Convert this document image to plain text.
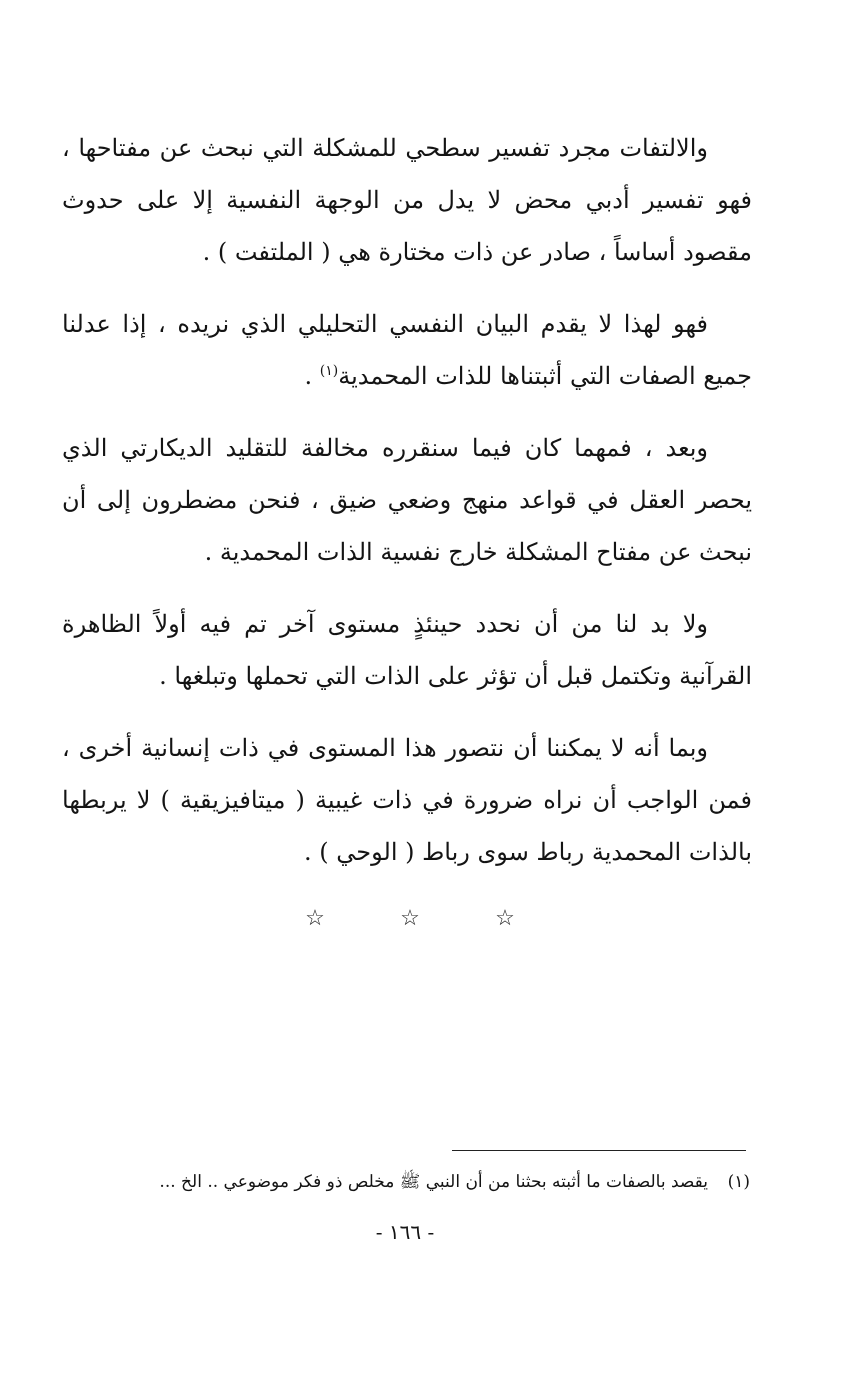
والالتفات مجرد تفسير سطحي للمشكلة التي نبحث عن مفتاحها ، فهو تفسير أدبي محض لا يدل من الوجهة النفسية إلا على حدوث مقصود أساساً ، صادر عن ذات مختارة هي ( الملتفت ) .

فهو لهذا لا يقدم البيان النفسي التحليلي الذي نريده ، إذا عدلنا جميع الصفات التي أثبتناها للذات المحمدية$^{(١)}$ .

وبعد ، فمهما كان فيما سنقرره مخالفة للتقليد الديكارتي الذي يحصر العقل في قواعد منهج وضعي ضيق ، فنحن مضطرون إلى أن نبحث عن مفتاح المشكلة خارج نفسية الذات المحمدية .

ولا بد لنا من أن نحدد حينئذٍ مستوى آخر تم فيه أولاً الظاهرة القرآنية وتكتمل قبل أن تؤثر على الذات التي تحملها وتبلغها .

وبما أنه لا يمكننا أن نتصور هذا المستوى في ذات إنسانية أخرى ، فمن الواجب أن نراه ضرورة في ذات غيبية ( ميتافيزيقية ) لا يربطها بالذات المحمدية رباط سوى رباط ( الوحي ) .

☆	☆	☆
(١)يقصد بالصفات ما أثبته بحثنا من أن النبي ﷺ مخلص ذو فكر موضوعي .. الخ ...
- ١٦٦ -
